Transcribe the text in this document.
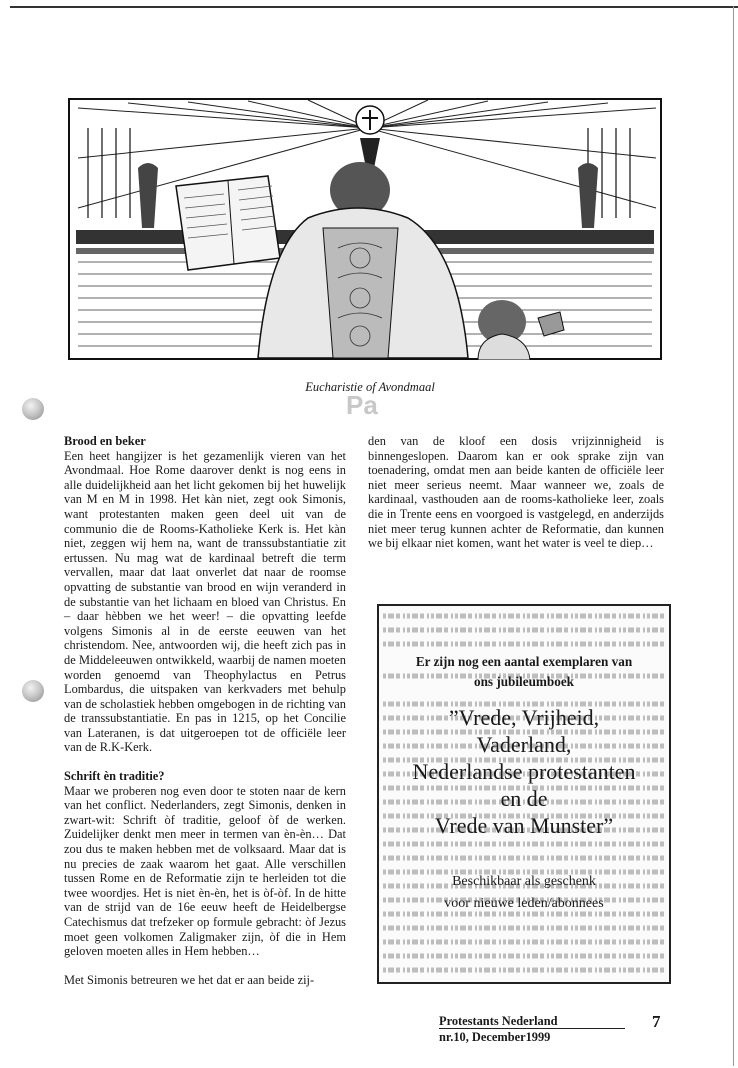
Eucharistie of Avondmaal
Pa

Brood en beker

Een heet hangijzer is het gezamenlijk vieren van het Avondmaal. Hoe Rome daarover denkt is nog eens in alle duidelijkheid aan het licht gekomen bij het huwelijk van M en M in 1998. Het kàn niet, zegt ook Simonis, want protestanten maken geen deel uit van de communio die de Rooms-Katholieke Kerk is. Het kàn niet, zeggen wij hem na, want de transsubstantiatie zit ertussen. Nu mag wat de kardinaal betreft die term vervallen, maar dat laat onverlet dat naar de roomse opvatting de substantie van brood en wijn veranderd in de substantie van het lichaam en bloed van Christus. En – daar hèbben we het weer! – die opvatting leefde volgens Simonis al in de eerste eeuwen van het christendom. Nee, antwoorden wij, die heeft zich pas in de Middeleeuwen ontwikkeld, waarbij de namen moeten worden genoemd van Theophylactus en Petrus Lombardus, die uitspaken van kerkvaders met behulp van de scholastiek hebben omgebogen in de richting van de transsubstantiatie. En pas in 1215, op het Concilie van Lateranen, is dat uitgeroepen tot de officiële leer van de R.K-Kerk.

Schrift èn traditie?

Maar we proberen nog even door te stoten naar de kern van het conflict. Nederlanders, zegt Simonis, denken in zwart-wit: Schrift òf traditie, geloof òf de werken. Zuidelijker denkt men meer in termen van èn-èn… Dat zou dus te maken hebben met de volksaard. Maar dat is nu precies de zaak waarom het gaat. Alle verschillen tussen Rome en de Reformatie zijn te herleiden tot die twee woordjes. Het is niet èn-èn, het is òf-òf. In de hitte van de strijd van de 16e eeuw heeft de Heidelbergse Catechismus dat trefzeker op formule gebracht: òf Jezus moet geen volkomen Zaligmaker zijn, òf die in Hem geloven moeten alles in Hem hebben…

Met Simonis betreuren we het dat er aan beide zij-

den van de kloof een dosis vrijzinnigheid is binnengeslopen. Daarom kan er ook sprake zijn van toenadering, omdat men aan beide kanten de officiële leer niet meer serieus neemt. Maar wanneer we, zoals de kardinaal, vasthouden aan de rooms-katholieke leer, zoals die in Trente eens en voorgoed is vastgelegd, en anderzijds niet meer terug kunnen achter de Reformatie, dan kunnen we bij elkaar niet komen, want het water is veel te diep…

Er zijn nog een aantal exemplaren van
ons jubileumboek
”Vrede, Vrijheid,
Vaderland,
Nederlandse protestanten
en de
Vrede van Munster”
Beschikbaar als geschenk
voor nieuwe leden/abonnees
Protestants Nederland
nr.10, December1999
7
